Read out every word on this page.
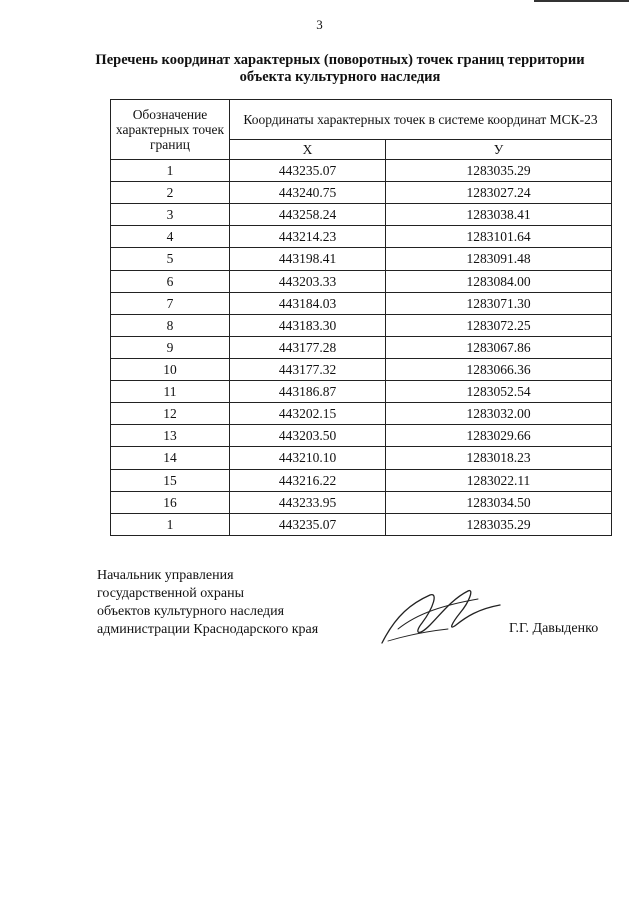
3
Перечень координат характерных (поворотных) точек границ территории
объекта культурного наследия
Обозначение характерных точек границ	Координаты характерных точек в системе координат МСК-23	
	X	У
1	443235.07	1283035.29
2	443240.75	1283027.24
3	443258.24	1283038.41
4	443214.23	1283101.64
5	443198.41	1283091.48
6	443203.33	1283084.00
7	443184.03	1283071.30
8	443183.30	1283072.25
9	443177.28	1283067.86
10	443177.32	1283066.36
11	443186.87	1283052.54
12	443202.15	1283032.00
13	443203.50	1283029.66
14	443210.10	1283018.23
15	443216.22	1283022.11
16	443233.95	1283034.50
1	443235.07	1283035.29
Начальник управления
государственной охраны
объектов культурного наследия
администрации Краснодарского края	Г.Г. Давыденко
